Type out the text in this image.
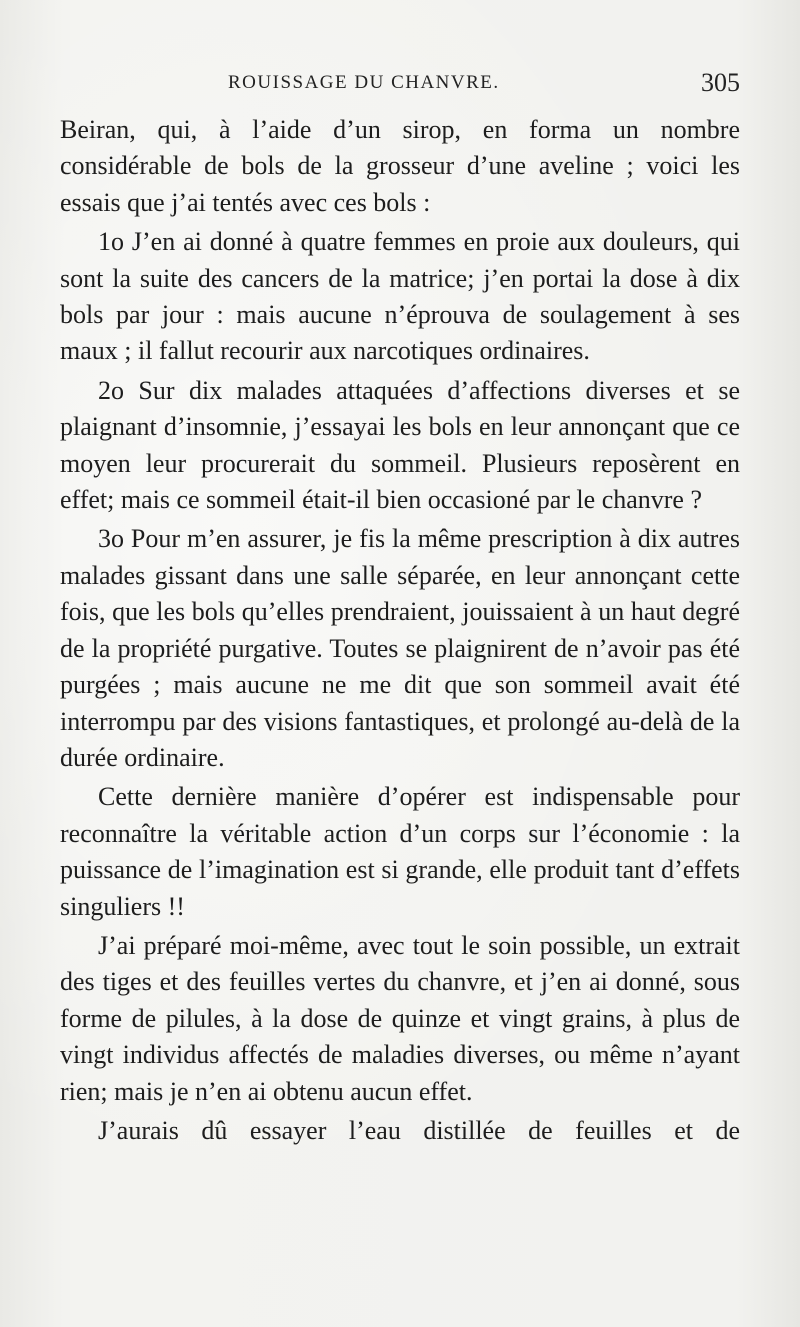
ROUISSAGE DU CHANVRE.	305

Beiran, qui, à l’aide d’un sirop, en forma un nombre considérable de bols de la grosseur d’une aveline ; voici les essais que j’ai tentés avec ces bols :

1o J’en ai donné à quatre femmes en proie aux douleurs, qui sont la suite des cancers de la matrice; j’en portai la dose à dix bols par jour : mais aucune n’éprouva de soulagement à ses maux ; il fallut recourir aux narcotiques ordinaires.

2o Sur dix malades attaquées d’affections diverses et se plaignant d’insomnie, j’essayai les bols en leur annonçant que ce moyen leur procurerait du sommeil. Plusieurs reposèrent en effet; mais ce sommeil était-il bien occasioné par le chanvre ?

3o Pour m’en assurer, je fis la même prescription à dix autres malades gissant dans une salle séparée, en leur annonçant cette fois, que les bols qu’elles prendraient, jouissaient à un haut degré de la propriété purgative. Toutes se plaignirent de n’avoir pas été purgées ; mais aucune ne me dit que son sommeil avait été interrompu par des visions fantastiques, et prolongé au-delà de la durée ordinaire.

Cette dernière manière d’opérer est indispensable pour reconnaître la véritable action d’un corps sur l’économie : la puissance de l’imagination est si grande, elle produit tant d’effets singuliers !!

J’ai préparé moi-même, avec tout le soin possible, un extrait des tiges et des feuilles vertes du chanvre, et j’en ai donné, sous forme de pilules, à la dose de quinze et vingt grains, à plus de vingt individus affectés de maladies diverses, ou même n’ayant rien; mais je n’en ai obtenu aucun effet.

J’aurais dû essayer l’eau distillée de feuilles et de
